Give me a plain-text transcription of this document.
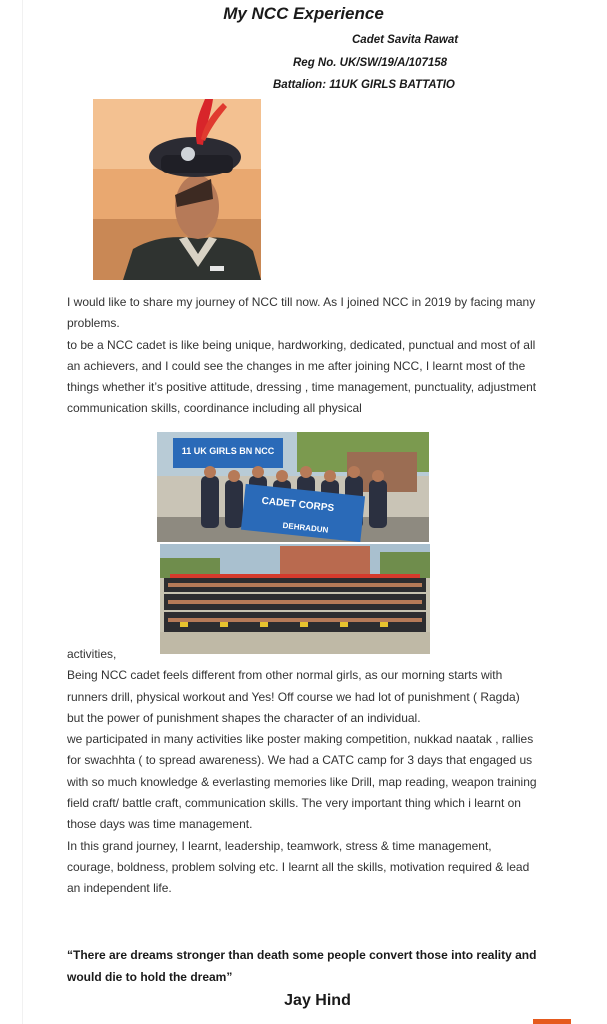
My NCC Experience
Cadet Savita Rawat
Reg No. UK/SW/19/A/107158
Battalion: 11UK GIRLS BATTATIO

I would like to share my journey of NCC till now. As I joined NCC in 2019 by facing many problems.

to be a NCC cadet is like being unique, hardworking, dedicated, punctual and most of all an achievers, and I could see the changes in me after joining NCC, I learnt most of the things whether it’s positive attitude, dressing , time management, punctuality, adjustment communication skills, coordinance including all physical

11 UK GIRLS BN NCC
CADET CORPS
DEHRADUN

activities,

Being NCC cadet feels different from other normal girls, as our morning starts with runners drill, physical workout and Yes! Off course we had lot of punishment ( Ragda) but the power of punishment shapes the character of an individual.

we participated in many activities like poster making competition, nukkad naatak , rallies for swachhta ( to spread awareness). We had a CATC camp for 3 days that engaged us with so much knowledge & everlasting memories like Drill, map reading, weapon training field craft/ battle craft, communication skills. The very important thing which i learnt on those days was time management.

In this grand journey, I learnt, leadership, teamwork, stress & time management, courage, boldness, problem solving etc. I learnt all the skills, motivation required & lead an independent life.

“There are dreams stronger than death some people convert those into reality and would die to hold the dream”
Jay Hind
